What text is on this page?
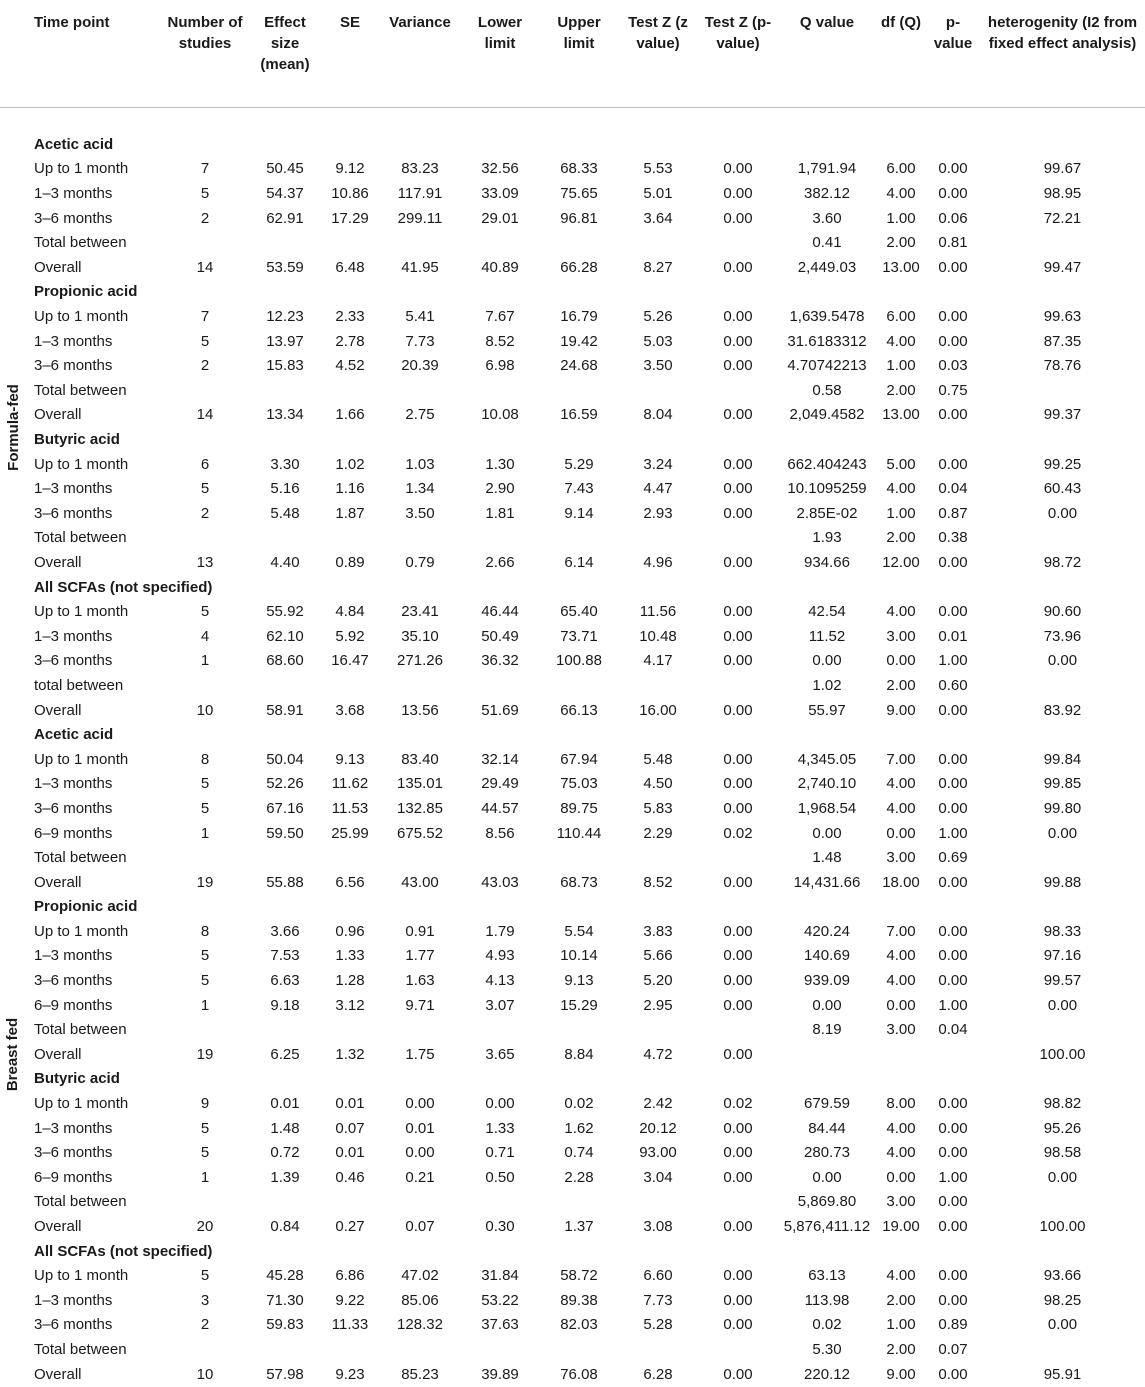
Time point	Number of studies	Effect size (mean)	SE	Variance	Lower limit	Upper limit	Test Z (z value)	Test Z (p-value)	Q value	df (Q)	p-value	heterogenity (I2 from fixed effect analysis)

Acetic acid												
Up to 1 month	7	50.45	9.12	83.23	32.56	68.33	5.53	0.00	1,791.94	6.00	0.00	99.67
1–3 months	5	54.37	10.86	117.91	33.09	75.65	5.01	0.00	382.12	4.00	0.00	98.95
3–6 months	2	62.91	17.29	299.11	29.01	96.81	3.64	0.00	3.60	1.00	0.06	72.21
Total between									0.41	2.00	0.81	
Overall	14	53.59	6.48	41.95	40.89	66.28	8.27	0.00	2,449.03	13.00	0.00	99.47
Propionic acid												
Up to 1 month	7	12.23	2.33	5.41	7.67	16.79	5.26	0.00	1,639.5478	6.00	0.00	99.63
1–3 months	5	13.97	2.78	7.73	8.52	19.42	5.03	0.00	31.6183312	4.00	0.00	87.35
3–6 months	2	15.83	4.52	20.39	6.98	24.68	3.50	0.00	4.70742213	1.00	0.03	78.76
Total between									0.58	2.00	0.75	
Overall	14	13.34	1.66	2.75	10.08	16.59	8.04	0.00	2,049.4582	13.00	0.00	99.37
Butyric acid												
Up to 1 month	6	3.30	1.02	1.03	1.30	5.29	3.24	0.00	662.404243	5.00	0.00	99.25
1–3 months	5	5.16	1.16	1.34	2.90	7.43	4.47	0.00	10.1095259	4.00	0.04	60.43
3–6 months	2	5.48	1.87	3.50	1.81	9.14	2.93	0.00	2.85E-02	1.00	0.87	0.00
Total between									1.93	2.00	0.38	
Overall	13	4.40	0.89	0.79	2.66	6.14	4.96	0.00	934.66	12.00	0.00	98.72
All SCFAs (not specified)												
Up to 1 month	5	55.92	4.84	23.41	46.44	65.40	11.56	0.00	42.54	4.00	0.00	90.60
1–3 months	4	62.10	5.92	35.10	50.49	73.71	10.48	0.00	11.52	3.00	0.01	73.96
3–6 months	1	68.60	16.47	271.26	36.32	100.88	4.17	0.00	0.00	0.00	1.00	0.00
total between									1.02	2.00	0.60	
Overall	10	58.91	3.68	13.56	51.69	66.13	16.00	0.00	55.97	9.00	0.00	83.92
Acetic acid												
Up to 1 month	8	50.04	9.13	83.40	32.14	67.94	5.48	0.00	4,345.05	7.00	0.00	99.84
1–3 months	5	52.26	11.62	135.01	29.49	75.03	4.50	0.00	2,740.10	4.00	0.00	99.85
3–6 months	5	67.16	11.53	132.85	44.57	89.75	5.83	0.00	1,968.54	4.00	0.00	99.80
6–9 months	1	59.50	25.99	675.52	8.56	110.44	2.29	0.02	0.00	0.00	1.00	0.00
Total between									1.48	3.00	0.69	
Overall	19	55.88	6.56	43.00	43.03	68.73	8.52	0.00	14,431.66	18.00	0.00	99.88
Propionic acid												
Up to 1 month	8	3.66	0.96	0.91	1.79	5.54	3.83	0.00	420.24	7.00	0.00	98.33
1–3 months	5	7.53	1.33	1.77	4.93	10.14	5.66	0.00	140.69	4.00	0.00	97.16
3–6 months	5	6.63	1.28	1.63	4.13	9.13	5.20	0.00	939.09	4.00	0.00	99.57
6–9 months	1	9.18	3.12	9.71	3.07	15.29	2.95	0.00	0.00	0.00	1.00	0.00
Total between									8.19	3.00	0.04	
Overall	19	6.25	1.32	1.75	3.65	8.84	4.72	0.00				100.00
Butyric acid												
Up to 1 month	9	0.01	0.01	0.00	0.00	0.02	2.42	0.02	679.59	8.00	0.00	98.82
1–3 months	5	1.48	0.07	0.01	1.33	1.62	20.12	0.00	84.44	4.00	0.00	95.26
3–6 months	5	0.72	0.01	0.00	0.71	0.74	93.00	0.00	280.73	4.00	0.00	98.58
6–9 months	1	1.39	0.46	0.21	0.50	2.28	3.04	0.00	0.00	0.00	1.00	0.00
Total between									5,869.80	3.00	0.00	
Overall	20	0.84	0.27	0.07	0.30	1.37	3.08	0.00	5,876,411.12	19.00	0.00	100.00
All SCFAs (not specified)												
Up to 1 month	5	45.28	6.86	47.02	31.84	58.72	6.60	0.00	63.13	4.00	0.00	93.66
1–3 months	3	71.30	9.22	85.06	53.22	89.38	7.73	0.00	113.98	2.00	0.00	98.25
3–6 months	2	59.83	11.33	128.32	37.63	82.03	5.28	0.00	0.02	1.00	0.89	0.00
Total between									5.30	2.00	0.07	
Overall	10	57.98	9.23	85.23	39.89	76.08	6.28	0.00	220.12	9.00	0.00	95.91
Formula-fed
Breast fed
